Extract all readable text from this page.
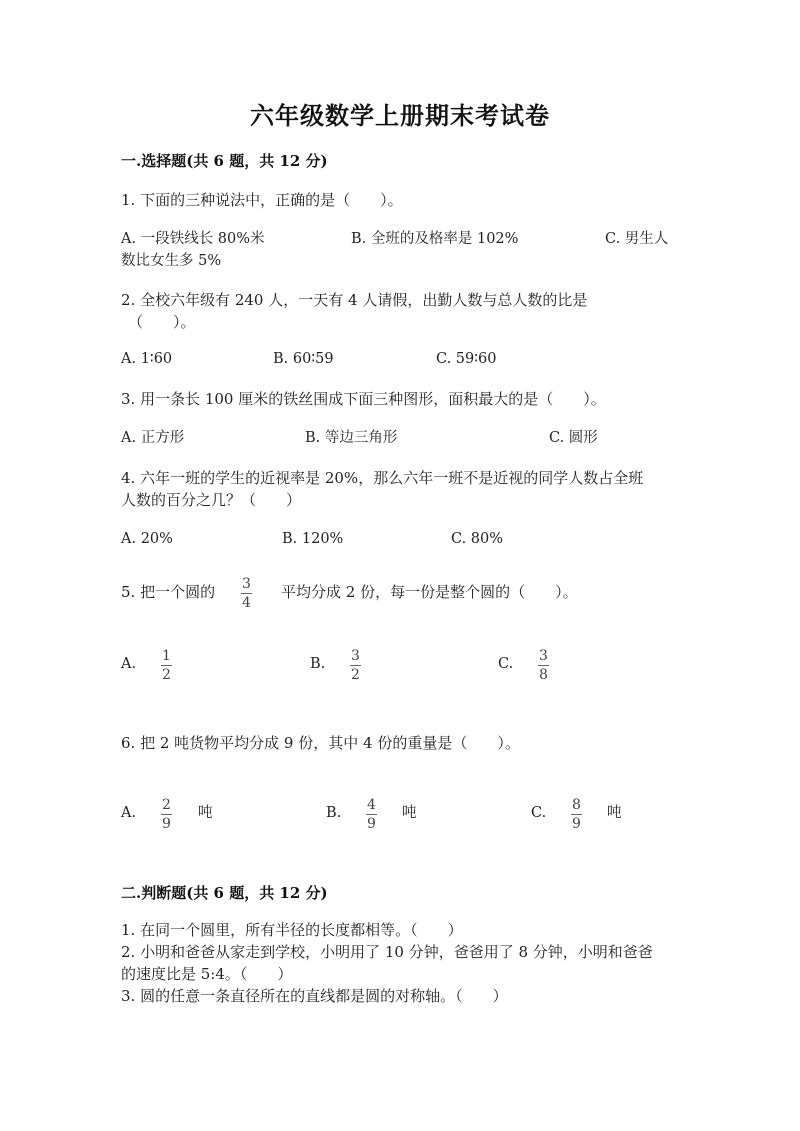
六年级数学上册期末考试卷
一.选择题(共 6 题，共 12 分)
1. 下面的三种说法中，正确的是（　　）。
A. 一段铁线长 80%米	B. 全班的及格率是 102%	C. 男生人
数比女生多 5%
2. 全校六年级有 240 人，一天有 4 人请假，出勤人数与总人数的比是
（　　）。
A. 1∶60	B. 60∶59	C. 59∶60
3. 用一条长 100 厘米的铁丝围成下面三种图形，面积最大的是（　　）。
A. 正方形	B. 等边三角形	C. 圆形
4. 六年一班的学生的近视率是 20%，那么六年一班不是近视的同学人数占全班
人数的百分之几？（　　）
A. 20%	B. 120%	C. 80%
5. 把一个圆的 3
4
平均分成 2 份，每一份是整个圆的（　　）。
A. 1
2
B. 3
2
C. 3
8
6. 把 2 吨货物平均分成 9 份，其中 4 份的重量是（　　）。
A. 2
9
吨	B. 4
9
吨	C. 8
9
吨
二.判断题(共 6 题，共 12 分)
1. 在同一个圆里，所有半径的长度都相等。（　　）
2. 小明和爸爸从家走到学校，小明用了 10 分钟，爸爸用了 8 分钟，小明和爸爸
的速度比是 5:4。（　　）
3. 圆的任意一条直径所在的直线都是圆的对称轴。（　　）
